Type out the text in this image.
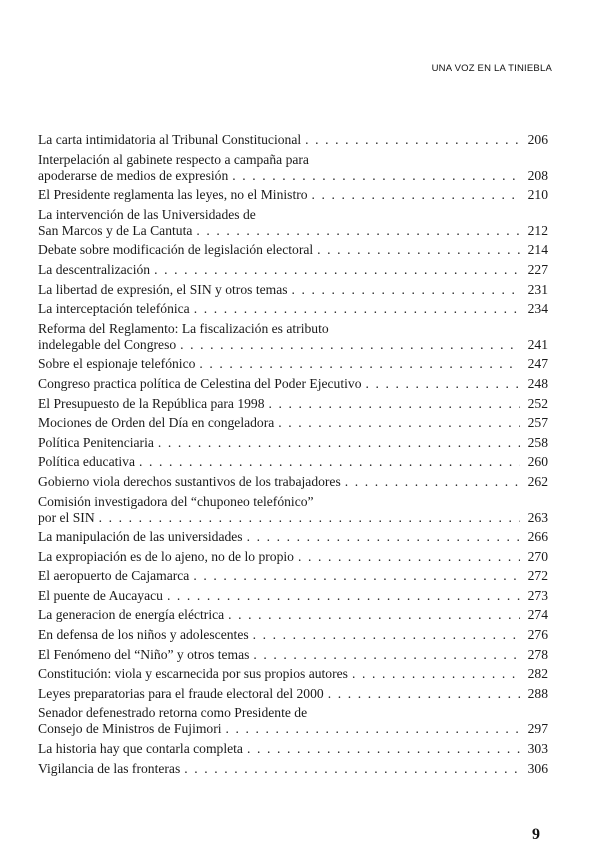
UNA VOZ EN LA TINIEBLA
La carta intimidatoria al Tribunal Constitucional . . .	206
Interpelación al gabinete respecto a campaña para
apoderarse de medios de expresión . . .	208
El Presidente reglamenta las leyes, no el Ministro . . .	210
La intervención de las Universidades de
San Marcos y de La Cantuta . . .	212
Debate sobre modificación de legislación electoral . . .	214
La descentralización . . .	227
La libertad de expresión, el SIN y otros temas . . .	231
La interceptación telefónica . . .	234
Reforma del Reglamento: La fiscalización es atributo
indelegable del Congreso . . .	241
Sobre el espionaje telefónico . . .	247
Congreso practica política de Celestina del Poder Ejecutivo . . .	248
El Presupuesto de la República para 1998 . . .	252
Mociones de Orden del Día en congeladora . . .	257
Política Penitenciaria . . .	258
Política educativa . . .	260
Gobierno viola derechos sustantivos de los trabajadores . . .	262
Comisión investigadora del “chuponeo telefónico”
por el SIN . . .	263
La manipulación de las universidades . . .	266
La expropiación es de lo ajeno, no de lo propio . . .	270
El aeropuerto de Cajamarca . . .	272
El puente de Aucayacu . . .	273
La generacion de energía eléctrica . . .	274
En defensa de los niños y adolescentes . . .	276
El Fenómeno del “Niño” y otros temas . . .	278
Constitución: viola y escarnecida por sus propios autores . . .	282
Leyes preparatorias para el fraude electoral del 2000 . . .	288
Senador defenestrado retorna como Presidente de
Consejo de Ministros de Fujimori . . .	297
La historia hay que contarla completa . . .	303
Vigilancia de las fronteras . . .	306
9
